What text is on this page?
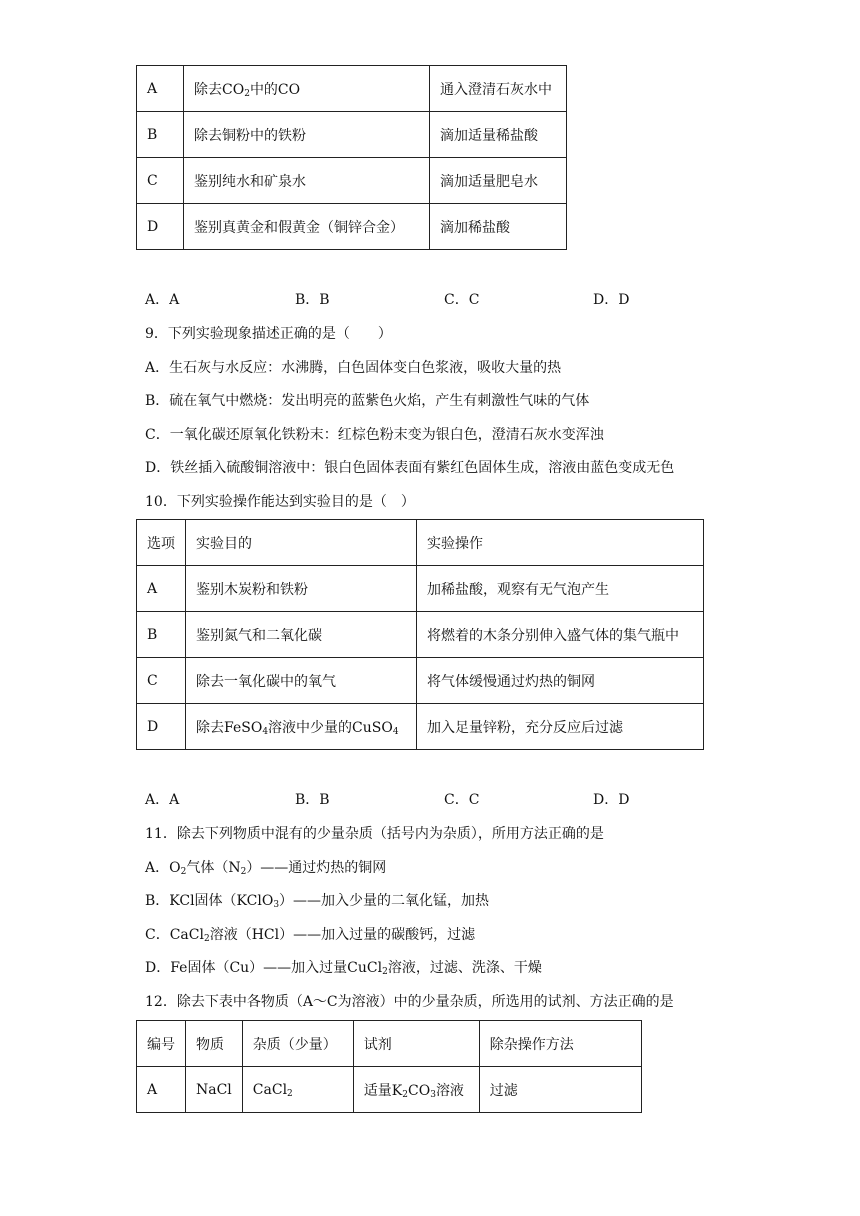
A	除去$CO_2$中的CO	通入澄清石灰水中
B	除去铜粉中的铁粉	滴加适量稀盐酸
C	鉴别纯水和矿泉水	滴加适量肥皂水
D	鉴别真黄金和假黄金（铜锌合金）	滴加稀盐酸
A．A	B．B	C．C	D．D
9．下列实验现象描述正确的是（　　）
A．生石灰与水反应：水沸腾，白色固体变白色浆液，吸收大量的热
B．硫在氧气中燃烧：发出明亮的蓝紫色火焰，产生有刺激性气味的气体
C．一氧化碳还原氧化铁粉末：红棕色粉末变为银白色，澄清石灰水变浑浊
D．铁丝插入硫酸铜溶液中：银白色固体表面有紫红色固体生成，溶液由蓝色变成无色
10．下列实验操作能达到实验目的是（　）
选项	实验目的	实验操作
A	鉴别木炭粉和铁粉	加稀盐酸，观察有无气泡产生
B	鉴别氮气和二氧化碳	将燃着的木条分别伸入盛气体的集气瓶中
C	除去一氧化碳中的氧气	将气体缓慢通过灼热的铜网
D	除去FeSO$_4$溶液中少量的CuSO$_4$	加入足量锌粉，充分反应后过滤
A．A	B．B	C．C	D．D
11．除去下列物质中混有的少量杂质（括号内为杂质），所用方法正确的是
A．$O_2$气体$(N_2)——$通过灼热的铜网
B．KCl固体（KClO$_3$）——加入少量的二氧化锰，加热
C．CaCl$_2$溶液（HCl）——加入过量的碳酸钙，过滤
D．Fe固体（Cu）——加入过量CuCl$_2$溶液，过滤、洗涤、干燥
12．除去下表中各物质（A～C为溶液）中的少量杂质，所选用的试剂、方法正确的是
编号	物质	杂质（少量）	试剂	除杂操作方法
A	NaCl	CaCl$_2$	适量$K_2CO_3$溶液	过滤
